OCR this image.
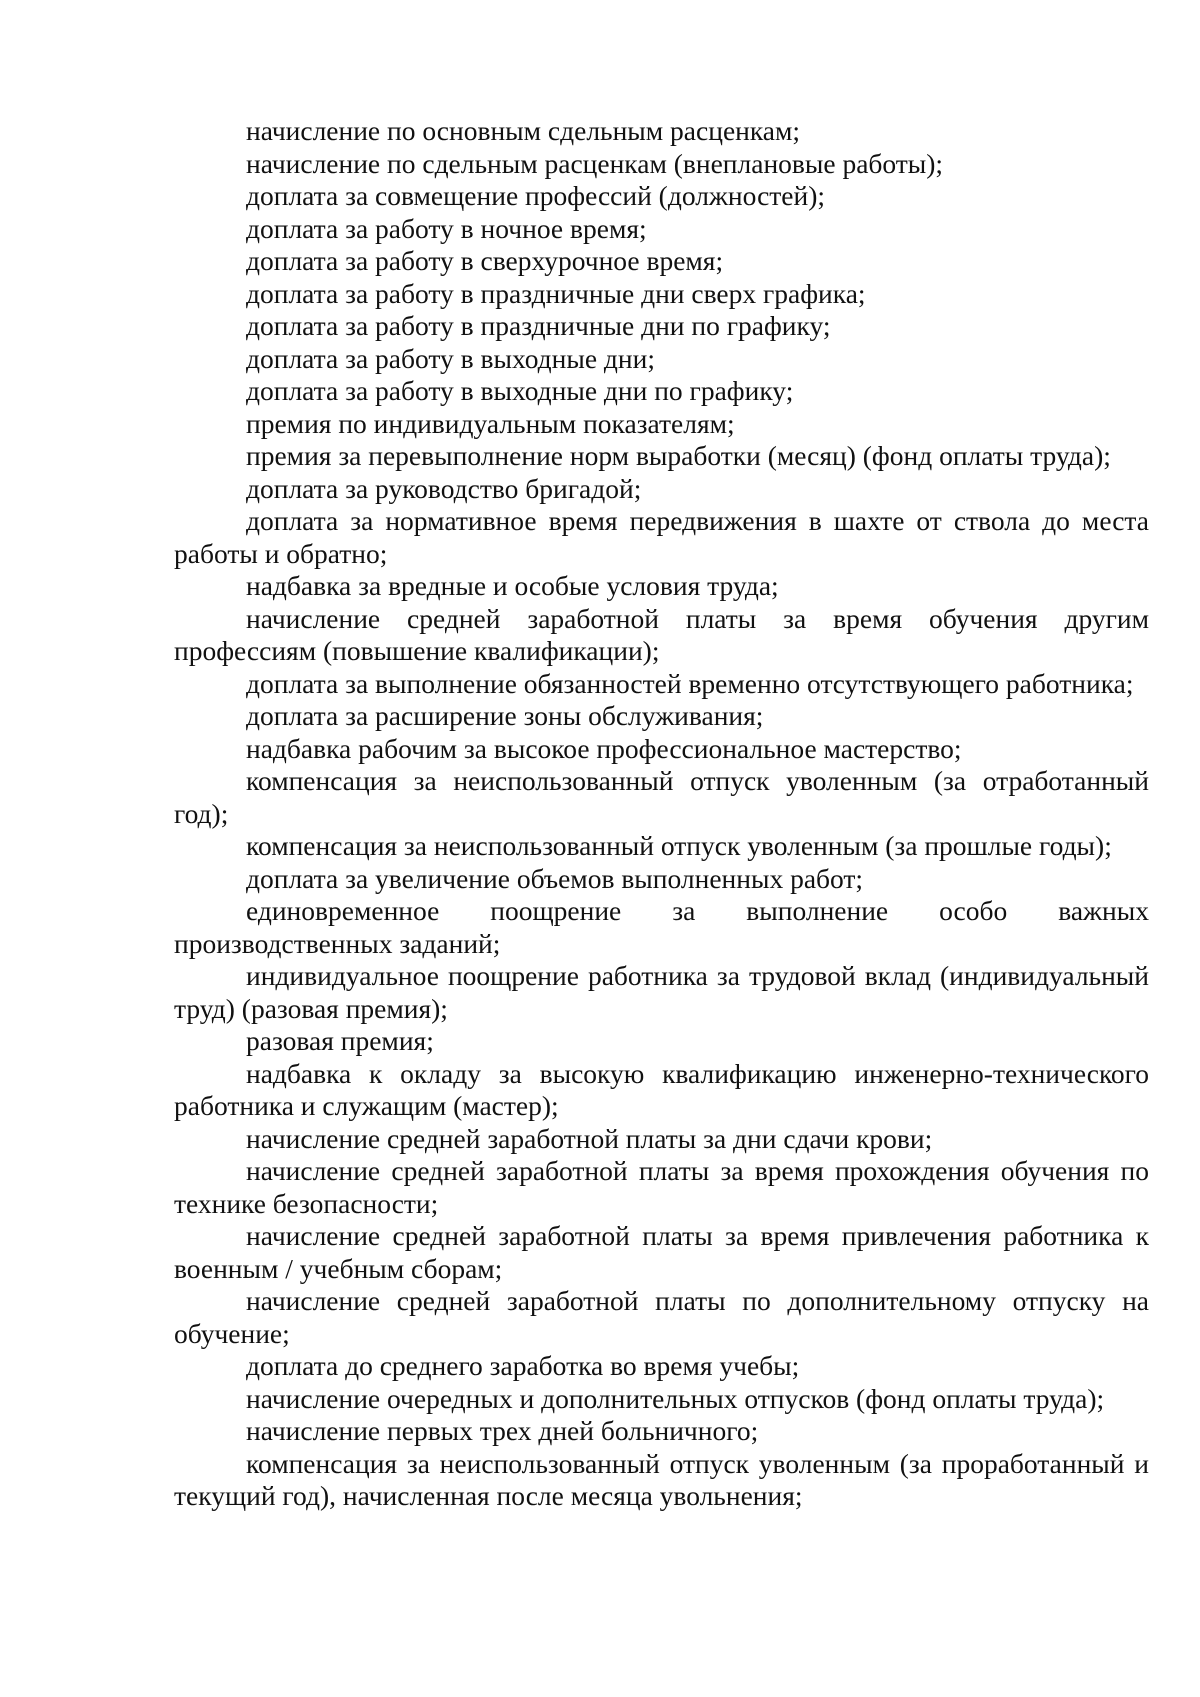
начисление по основным сдельным расценкам;

начисление по сдельным расценкам (внеплановые работы);

доплата за совмещение профессий (должностей);

доплата за работу в ночное время;

доплата за работу в сверхурочное время;

доплата за работу в праздничные дни сверх графика;

доплата за работу в праздничные дни по графику;

доплата за работу в выходные дни;

доплата за работу в выходные дни по графику;

премия по индивидуальным показателям;

премия за перевыполнение норм выработки (месяц) (фонд оплаты труда);

доплата за руководство бригадой;

доплата за нормативное время передвижения в шахте от ствола до места работы и обратно;

надбавка за вредные и особые условия труда;

начисление средней заработной платы за время обучения другим профессиям (повышение квалификации);

доплата за выполнение обязанностей временно отсутствующего работника;

доплата за расширение зоны обслуживания;

надбавка рабочим за высокое профессиональное мастерство;

компенсация за неиспользованный отпуск уволенным (за отработанный год);

компенсация за неиспользованный отпуск уволенным (за прошлые годы);

доплата за увеличение объемов выполненных работ;

единовременное поощрение за выполнение особо важных производственных заданий;

индивидуальное поощрение работника за трудовой вклад (индивидуальный труд) (разовая премия);

разовая премия;

надбавка к окладу за высокую квалификацию инженерно-технического работника и служащим (мастер);

начисление средней заработной платы за дни сдачи крови;

начисление средней заработной платы за время прохождения обучения по технике безопасности;

начисление средней заработной платы за время привлечения работника к военным / учебным сборам;

начисление средней заработной платы по дополнительному отпуску на обучение;

доплата до среднего заработка во время учебы;

начисление очередных и дополнительных отпусков (фонд оплаты труда);

начисление первых трех дней больничного;

компенсация за неиспользованный отпуск уволенным (за проработанный и текущий год), начисленная после месяца увольнения;
